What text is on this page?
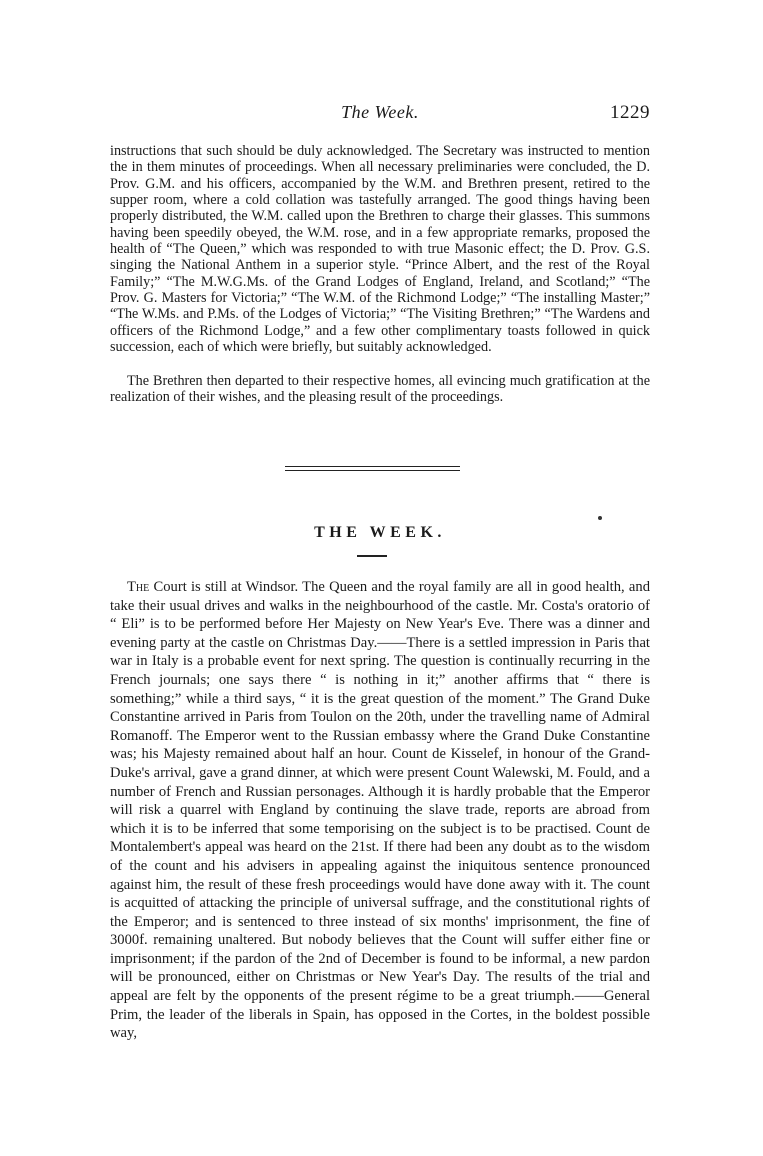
The Week.	1229

instructions that such should be duly acknowledged. The Secretary was instructed to mention the in them minutes of proceedings. When all necessary preliminaries were concluded, the D. Prov. G.M. and his officers, accompanied by the W.M. and Brethren present, retired to the supper room, where a cold collation was tastefully arranged. The good things having been properly distributed, the W.M. called upon the Brethren to charge their glasses. This summons having been speedily obeyed, the W.M. rose, and in a few appropriate remarks, proposed the health of “The Queen,” which was responded to with true Masonic effect; the D. Prov. G.S. singing the National Anthem in a superior style. “Prince Albert, and the rest of the Royal Family;” “The M.W.G.Ms. of the Grand Lodges of England, Ireland, and Scotland;” “The Prov. G. Masters for Victoria;” “The W.M. of the Richmond Lodge;” “The installing Master;” “The W.Ms. and P.Ms. of the Lodges of Victoria;” “The Visiting Brethren;” “The Wardens and officers of the Richmond Lodge,” and a few other complimentary toasts followed in quick succession, each of which were briefly, but suitably acknowledged.

The Brethren then departed to their respective homes, all evincing much gratification at the realization of their wishes, and the pleasing result of the proceedings.

THE WEEK.

The Court is still at Windsor. The Queen and the royal family are all in good health, and take their usual drives and walks in the neighbourhood of the castle. Mr. Costa's oratorio of “ Eli” is to be performed before Her Majesty on New Year's Eve. There was a dinner and evening party at the castle on Christmas Day.——There is a settled impression in Paris that war in Italy is a probable event for next spring. The question is continually recurring in the French journals; one says there “ is nothing in it;” another affirms that “ there is something;” while a third says, “ it is the great question of the moment.” The Grand Duke Constantine arrived in Paris from Toulon on the 20th, under the travelling name of Admiral Romanoff. The Emperor went to the Russian embassy where the Grand Duke Constantine was; his Majesty remained about half an hour. Count de Kisselef, in honour of the Grand-Duke's arrival, gave a grand dinner, at which were present Count Walewski, M. Fould, and a number of French and Russian personages. Although it is hardly probable that the Emperor will risk a quarrel with England by continuing the slave trade, reports are abroad from which it is to be inferred that some temporising on the subject is to be practised. Count de Montalembert's appeal was heard on the 21st. If there had been any doubt as to the wisdom of the count and his advisers in appealing against the iniquitous sentence pronounced against him, the result of these fresh proceedings would have done away with it. The count is acquitted of attacking the principle of universal suffrage, and the constitutional rights of the Emperor; and is sentenced to three instead of six months' imprisonment, the fine of 3000f. remaining unaltered. But nobody believes that the Count will suffer either fine or imprisonment; if the pardon of the 2nd of December is found to be informal, a new pardon will be pronounced, either on Christmas or New Year's Day. The results of the trial and appeal are felt by the opponents of the present régime to be a great triumph.——General Prim, the leader of the liberals in Spain, has opposed in the Cortes, in the boldest possible way,
